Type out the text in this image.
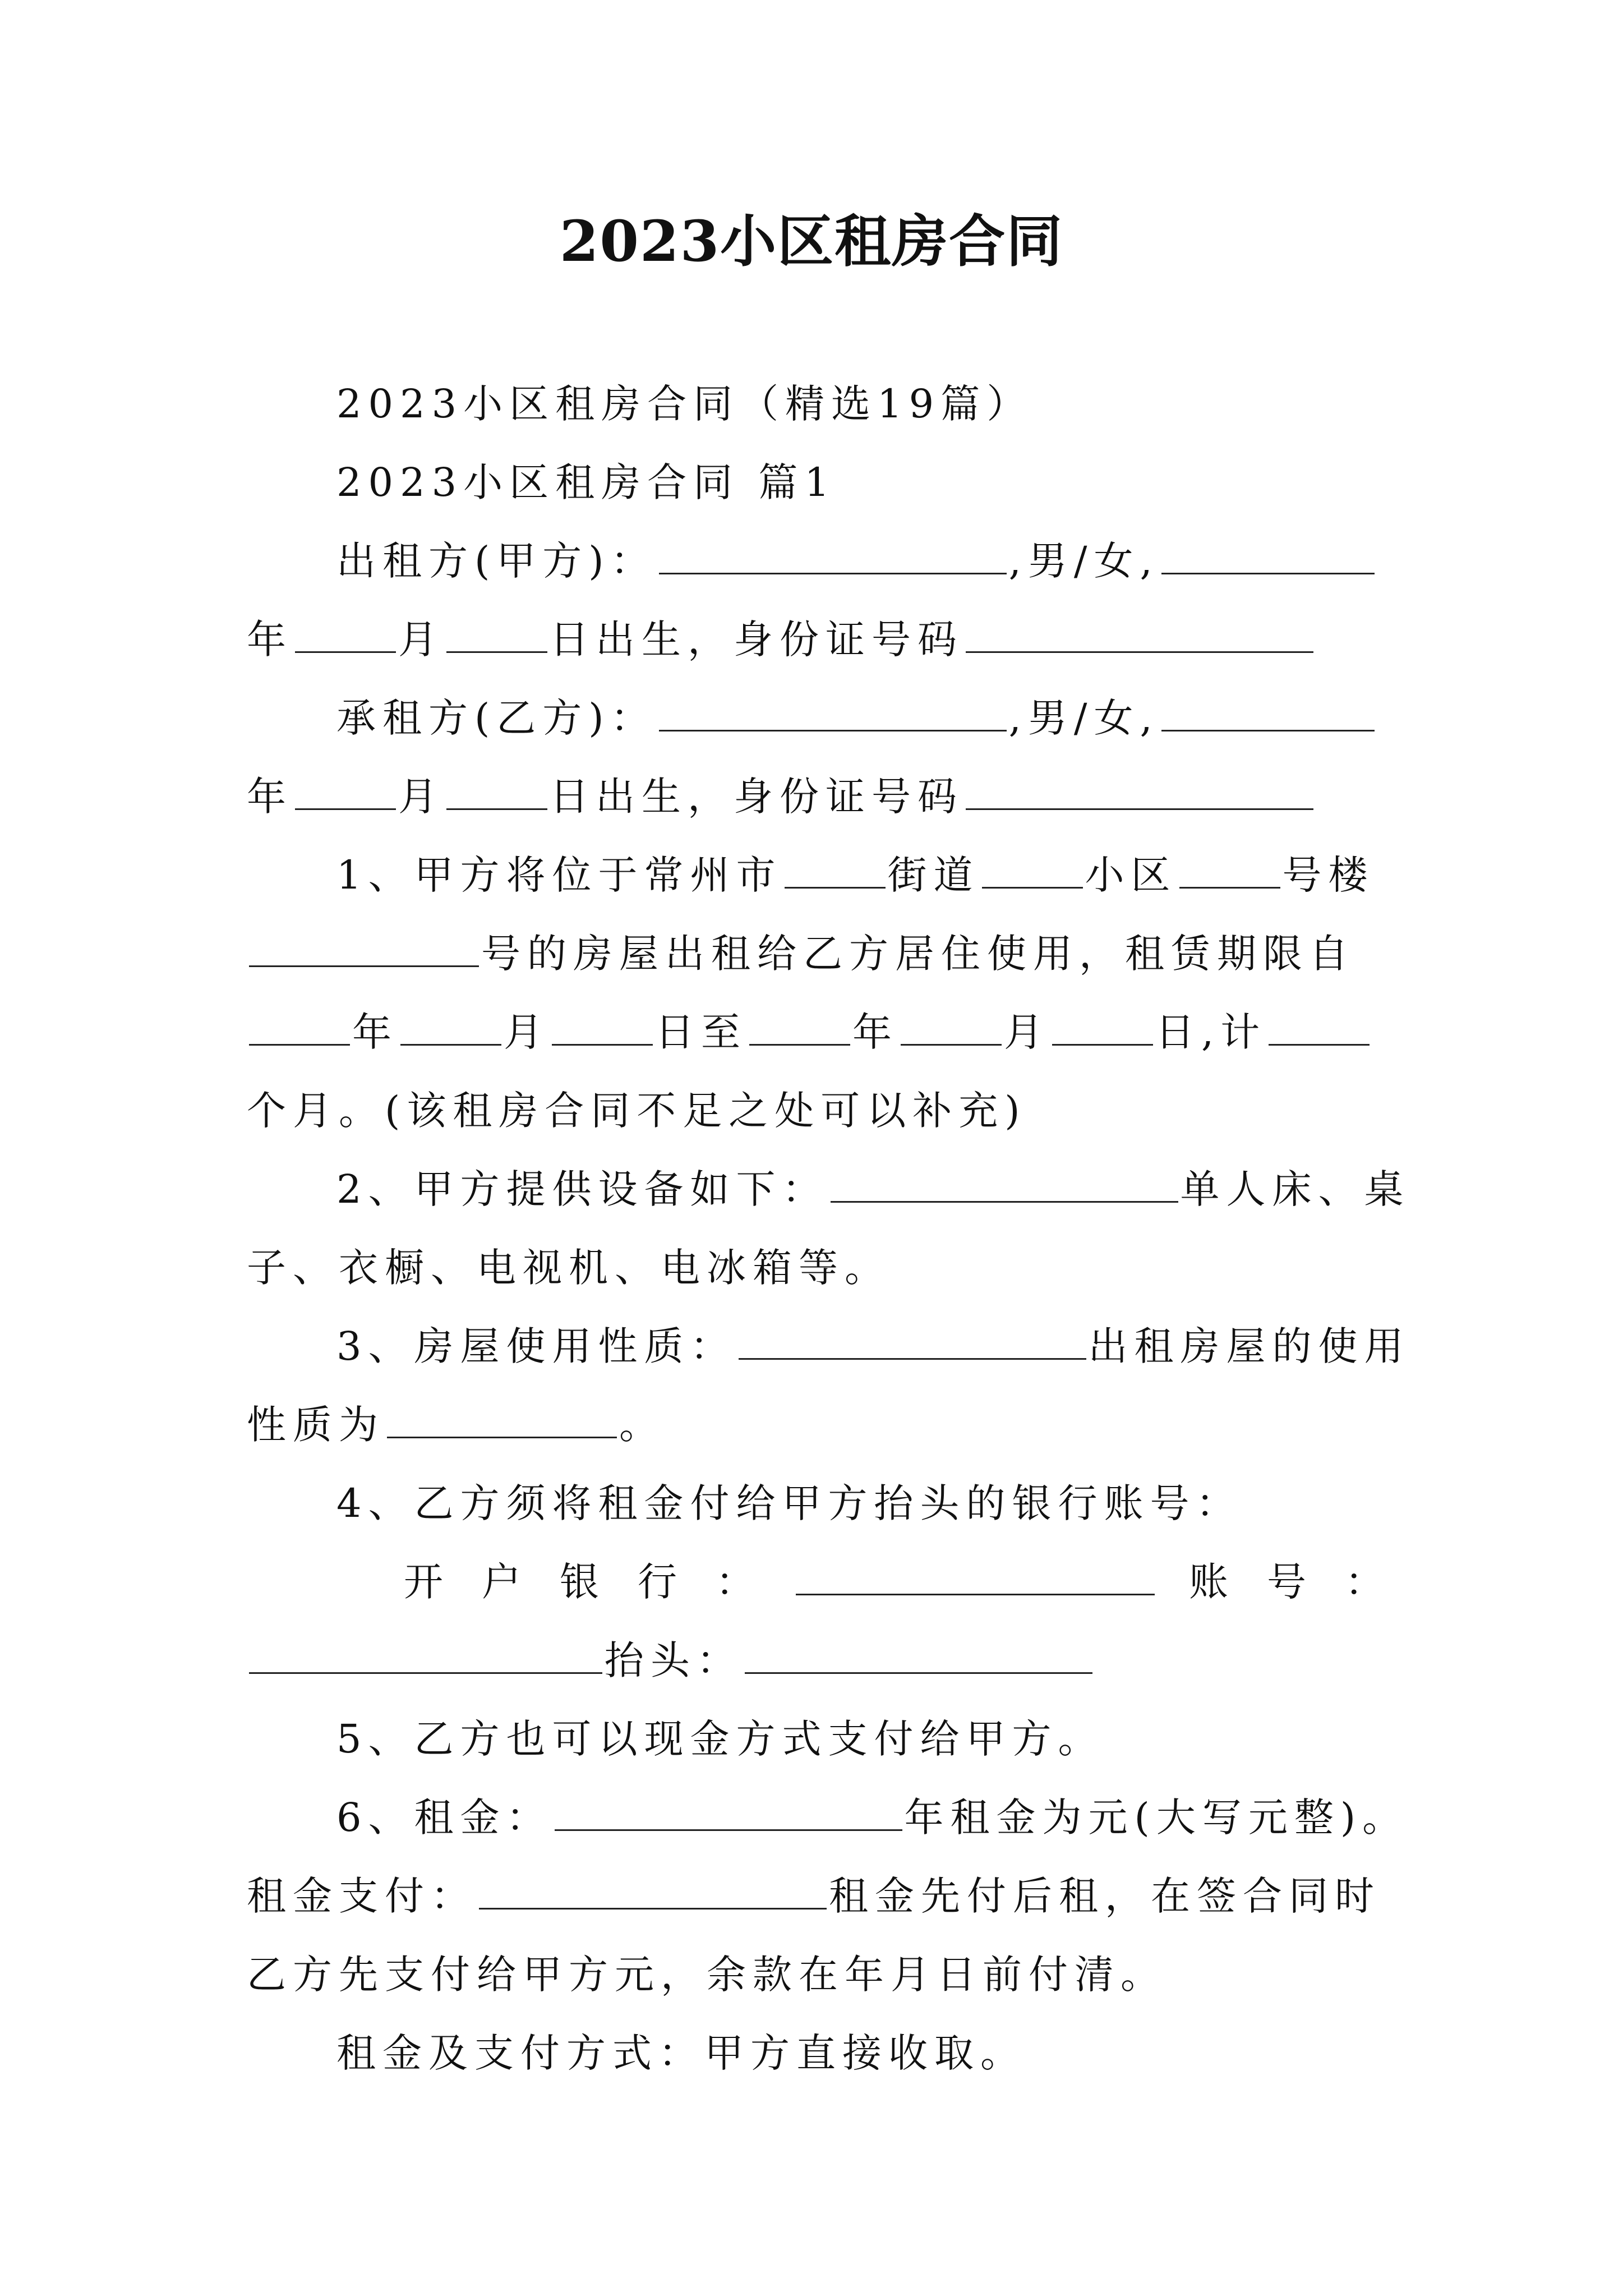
2023小区租房合同
2023小区租房合同（精选19篇）
2023小区租房合同 篇1
出租方(甲方)：	,男/女,
年	月	日出生，身份证号码
承租方(乙方)：	,男/女,
年	月	日出生，身份证号码
1、甲方将位于常州市	街道	小区	号楼
号的房屋出租给乙方居住使用，租赁期限自
年	月	日至	年	月	日,计
个月。(该租房合同不足之处可以补充)
2、甲方提供设备如下：	单人床、桌
子、衣橱、电视机、电冰箱等。
3、房屋使用性质：	出租房屋的使用
性质为	。
4、乙方须将租金付给甲方抬头的银行账号：
开 户 银 行 ：	账 号 ：
抬头：
5、乙方也可以现金方式支付给甲方。
6、租金：	年租金为元(大写元整)。
租金支付：	租金先付后租，在签合同时
乙方先支付给甲方元，余款在年月日前付清。
租金及支付方式：甲方直接收取。
